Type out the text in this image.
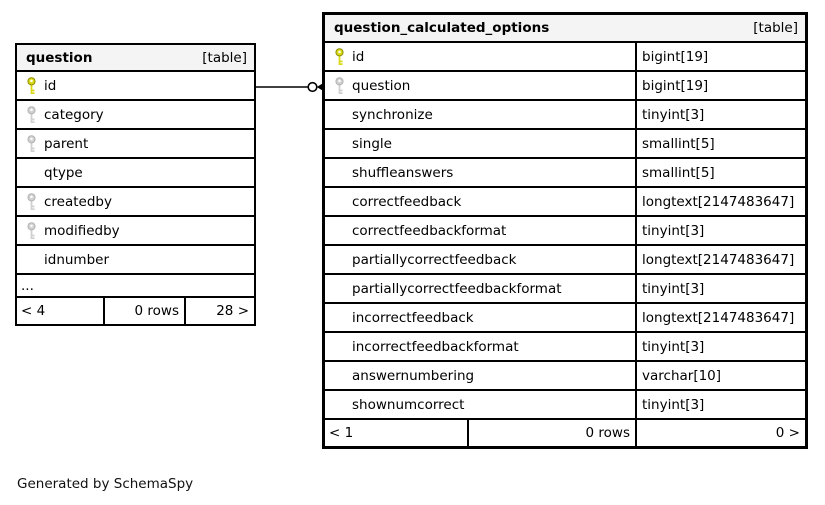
question	[table]
id
category
parent
qtype
createdby
modifiedby
idnumber
...
< 4	0 rows	28 >
question_calculated_options	[table]
id	bigint[19]
question	bigint[19]
synchronize	tinyint[3]
single	smallint[5]
shuffleanswers	smallint[5]
correctfeedback	longtext[2147483647]
correctfeedbackformat	tinyint[3]
partiallycorrectfeedback	longtext[2147483647]
partiallycorrectfeedbackformat	tinyint[3]
incorrectfeedback	longtext[2147483647]
incorrectfeedbackformat	tinyint[3]
answernumbering	varchar[10]
shownumcorrect	tinyint[3]
< 1	0 rows	0 >
Generated by SchemaSpy
